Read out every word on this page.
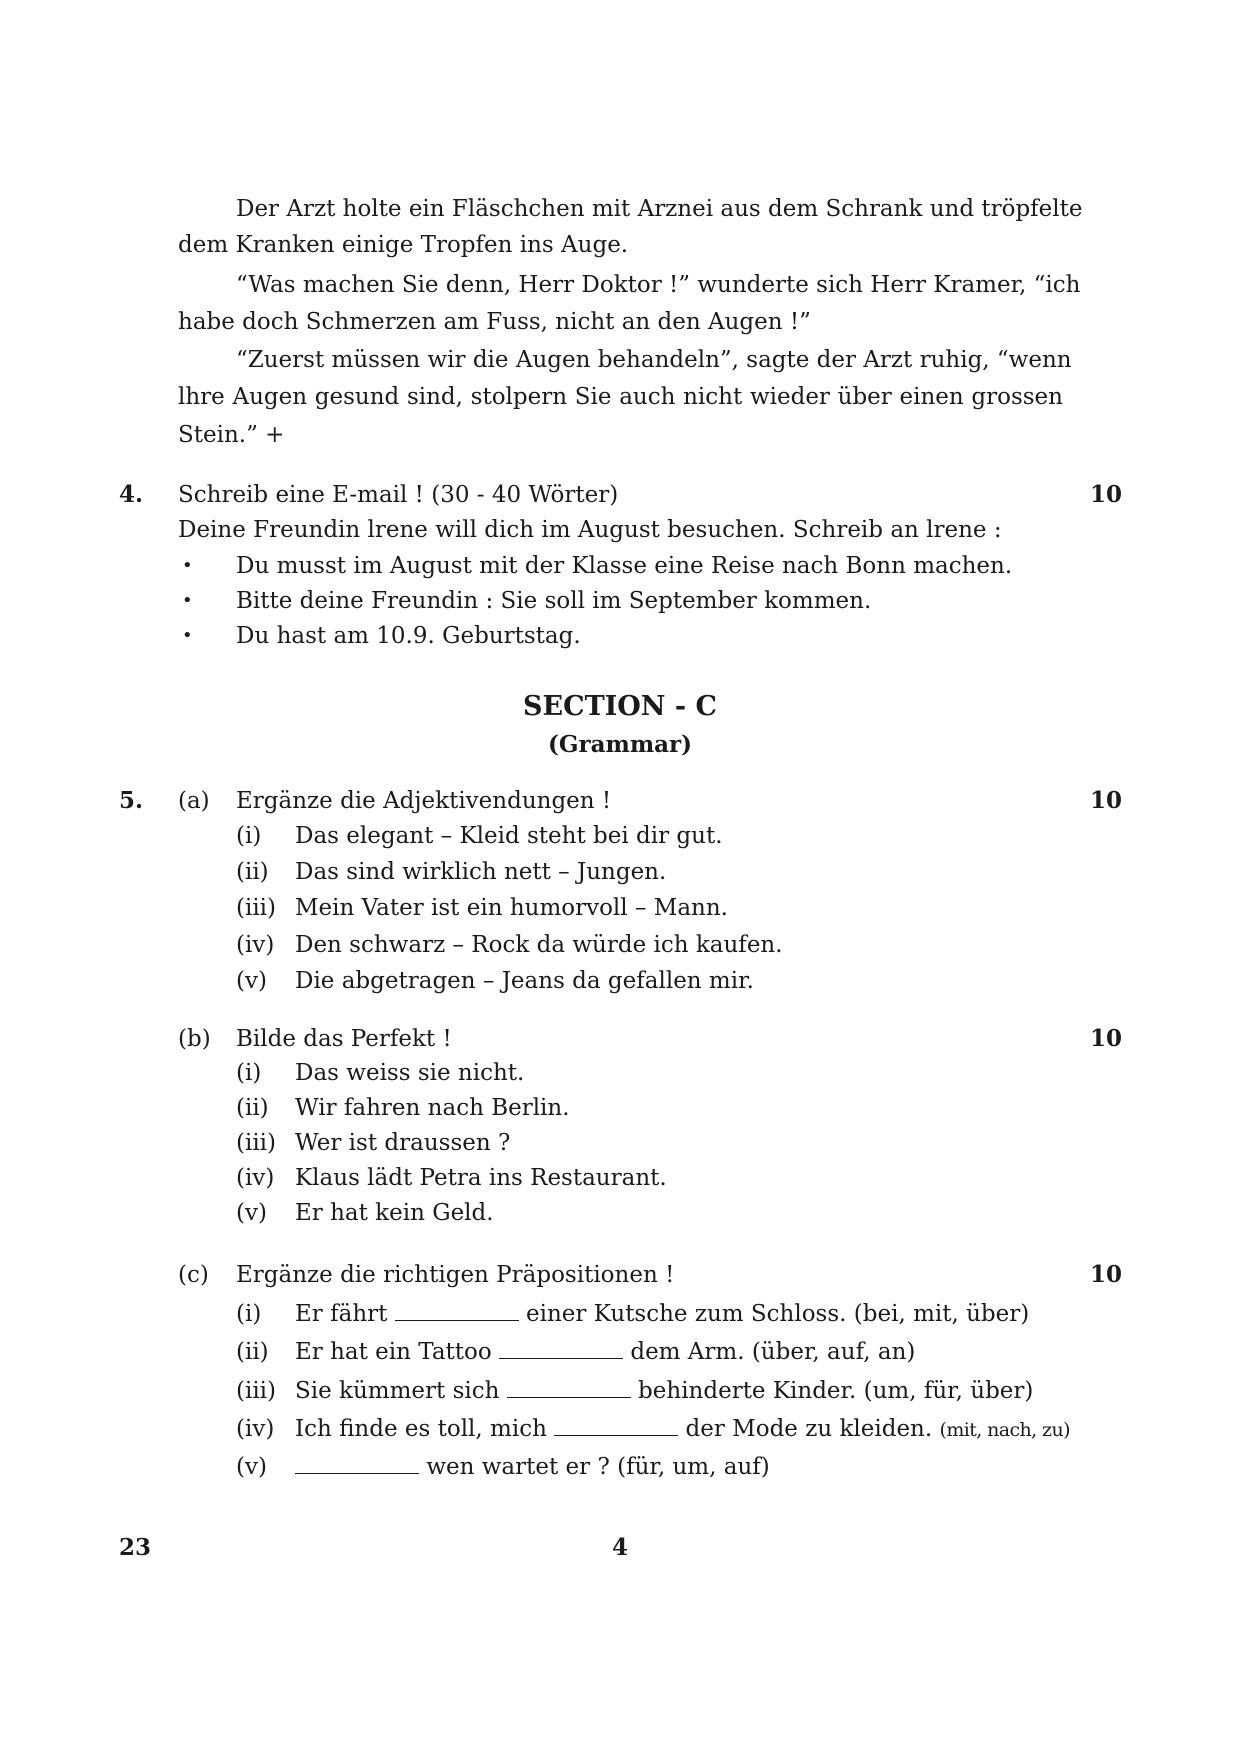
Der Arzt holte ein Fläschchen mit Arznei aus dem Schrank und tröpfelte
dem Kranken einige Tropfen ins Auge.
“Was machen Sie denn, Herr Doktor !” wunderte sich Herr Kramer, “ich
habe doch Schmerzen am Fuss, nicht an den Augen !”
“Zuerst müssen wir die Augen behandeln”, sagte der Arzt ruhig, “wenn
lhre Augen gesund sind, stolpern Sie auch nicht wieder über einen grossen
Stein.” +
4. Schreib eine E-mail ! (30 - 40 Wörter)	10
Deine Freundin lrene will dich im August besuchen. Schreib an lrene :
• Du musst im August mit der Klasse eine Reise nach Bonn machen.
• Bitte deine Freundin : Sie soll im September kommen.
• Du hast am 10.9. Geburtstag.
SECTION - C
(Grammar)
5. (a) Ergänze die Adjektivendungen !	10
(i) Das elegant – Kleid steht bei dir gut.
(ii) Das sind wirklich nett – Jungen.
(iii) Mein Vater ist ein humorvoll – Mann.
(iv) Den schwarz – Rock da würde ich kaufen.
(v) Die abgetragen – Jeans da gefallen mir.
(b) Bilde das Perfekt !	10
(i) Das weiss sie nicht.
(ii) Wir fahren nach Berlin.
(iii) Wer ist draussen ?
(iv) Klaus lädt Petra ins Restaurant.
(v) Er hat kein Geld.
(c) Ergänze die richtigen Präpositionen !	10
(i) Er fährt	einer Kutsche zum Schloss. (bei, mit, über)
(ii) Er hat ein Tattoo	dem Arm. (über, auf, an)
(iii) Sie kümmert sich	behinderte Kinder. (um, für, über)
(iv) Ich finde es toll, mich	der Mode zu kleiden. (mit, nach, zu)
(v)	wen wartet er ? (für, um, auf)
23	4
